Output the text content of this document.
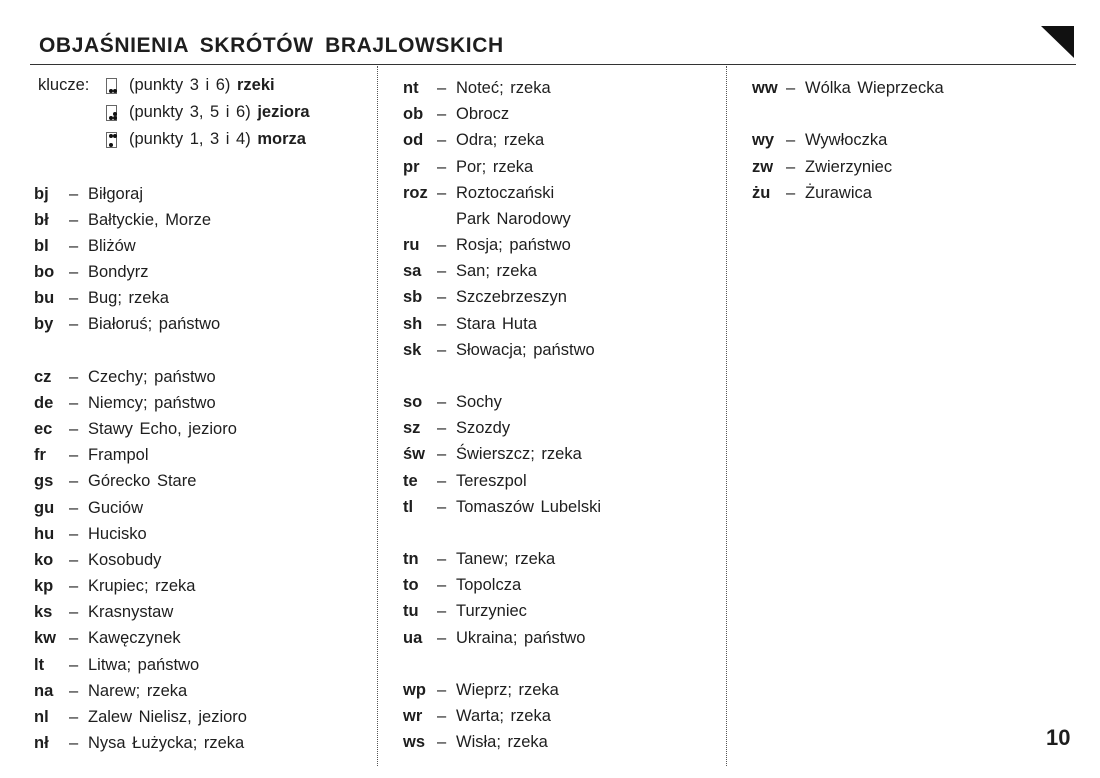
OBJAŚNIENIA SKRÓTÓW BRAJLOWSKICH
klucze: (punkty 3 i 6) rzeki
(punkty 3, 5 i 6) jeziora
(punkty 1, 3 i 4) morza
bj – Biłgoraj
bł – Bałtyckie, Morze
bl – Bliżów
bo – Bondyrz
bu – Bug; rzeka
by – Białoruś; państwo
cz – Czechy; państwo
de – Niemcy; państwo
ec – Stawy Echo, jezioro
fr – Frampol
gs – Górecko Stare
gu – Guciów
hu – Hucisko
ko – Kosobudy
kp – Krupiec; rzeka
ks – Krasnystaw
kw – Kawęczynek
lt – Litwa; państwo
na – Narew; rzeka
nl – Zalew Nielisz, jezioro
nł – Nysa Łużycka; rzeka
nt – Noteć; rzeka
ob – Obrocz
od – Odra; rzeka
pr – Por; rzeka
roz – Roztoczański
Park Narodowy
ru – Rosja; państwo
sa – San; rzeka
sb – Szczebrzeszyn
sh – Stara Huta
sk – Słowacja; państwo
so – Sochy
sz – Szozdy
św – Świerszcz; rzeka
te – Tereszpol
tl – Tomaszów Lubelski
tn – Tanew; rzeka
to – Topolcza
tu – Turzyniec
ua – Ukraina; państwo
wp – Wieprz; rzeka
wr – Warta; rzeka
ws – Wisła; rzeka
ww – Wólka Wieprzecka
wy – Wywłoczka
zw – Zwierzyniec
żu – Żurawica
10
